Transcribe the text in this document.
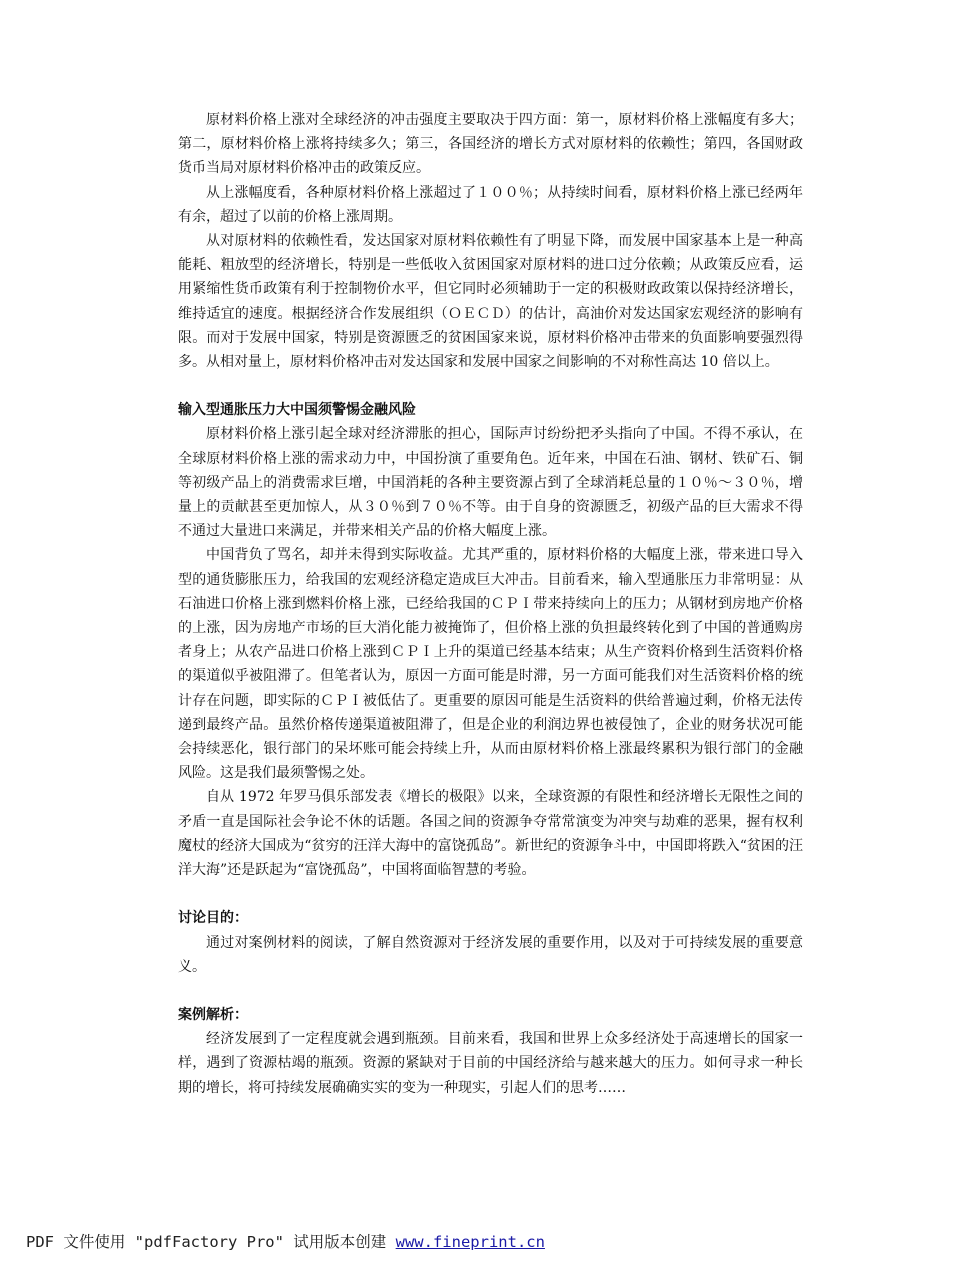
原材料价格上涨对全球经济的冲击强度主要取决于四方面：第一，原材料价格上涨幅度有多大；第二，原材料价格上涨将持续多久；第三，各国经济的增长方式对原材料的依赖性；第四，各国财政货币当局对原材料价格冲击的政策反应。

从上涨幅度看，各种原材料价格上涨超过了１００％；从持续时间看，原材料价格上涨已经两年有余，超过了以前的价格上涨周期。

从对原材料的依赖性看，发达国家对原材料依赖性有了明显下降，而发展中国家基本上是一种高能耗、粗放型的经济增长，特别是一些低收入贫困国家对原材料的进口过分依赖；从政策反应看，运用紧缩性货币政策有利于控制物价水平，但它同时必须辅助于一定的积极财政政策以保持经济增长，维持适宜的速度。根据经济合作发展组织（ＯＥＣＤ）的估计，高油价对发达国家宏观经济的影响有限。而对于发展中国家，特别是资源匮乏的贫困国家来说，原材料价格冲击带来的负面影响要强烈得多。从相对量上，原材料价格冲击对发达国家和发展中国家之间影响的不对称性高达 10 倍以上。

输入型通胀压力大中国须警惕金融风险

原材料价格上涨引起全球对经济滞胀的担心，国际声讨纷纷把矛头指向了中国。不得不承认，在全球原材料价格上涨的需求动力中，中国扮演了重要角色。近年来，中国在石油、钢材、铁矿石、铜等初级产品上的消费需求巨增，中国消耗的各种主要资源占到了全球消耗总量的１０％～３０％，增量上的贡献甚至更加惊人，从３０％到７０％不等。由于自身的资源匮乏，初级产品的巨大需求不得不通过大量进口来满足，并带来相关产品的价格大幅度上涨。

中国背负了骂名，却并未得到实际收益。尤其严重的，原材料价格的大幅度上涨，带来进口导入型的通货膨胀压力，给我国的宏观经济稳定造成巨大冲击。目前看来，输入型通胀压力非常明显：从石油进口价格上涨到燃料价格上涨，已经给我国的ＣＰＩ带来持续向上的压力；从钢材到房地产价格的上涨，因为房地产市场的巨大消化能力被掩饰了，但价格上涨的负担最终转化到了中国的普通购房者身上；从农产品进口价格上涨到ＣＰＩ上升的渠道已经基本结束；从生产资料价格到生活资料价格的渠道似乎被阻滞了。但笔者认为，原因一方面可能是时滞，另一方面可能我们对生活资料价格的统计存在问题，即实际的ＣＰＩ被低估了。更重要的原因可能是生活资料的供给普遍过剩，价格无法传递到最终产品。虽然价格传递渠道被阻滞了，但是企业的利润边界也被侵蚀了，企业的财务状况可能会持续恶化，银行部门的呆坏账可能会持续上升，从而由原材料价格上涨最终累积为银行部门的金融风险。这是我们最须警惕之处。

自从 1972 年罗马俱乐部发表《增长的极限》以来，全球资源的有限性和经济增长无限性之间的矛盾一直是国际社会争论不休的话题。各国之间的资源争夺常常演变为冲突与劫难的恶果，握有权利魔杖的经济大国成为“贫穷的汪洋大海中的富饶孤岛”。新世纪的资源争斗中，中国即将跌入“贫困的汪洋大海”还是跃起为“富饶孤岛”，中国将面临智慧的考验。

讨论目的：

通过对案例材料的阅读，了解自然资源对于经济发展的重要作用，以及对于可持续发展的重要意义。

案例解析：

经济发展到了一定程度就会遇到瓶颈。目前来看，我国和世界上众多经济处于高速增长的国家一样，遇到了资源枯竭的瓶颈。资源的紧缺对于目前的中国经济给与越来越大的压力。如何寻求一种长期的增长，将可持续发展确确实实的变为一种现实，引起人们的思考……

PDF 文件使用 "pdfFactory Pro" 试用版本创建 www.fineprint.cn
